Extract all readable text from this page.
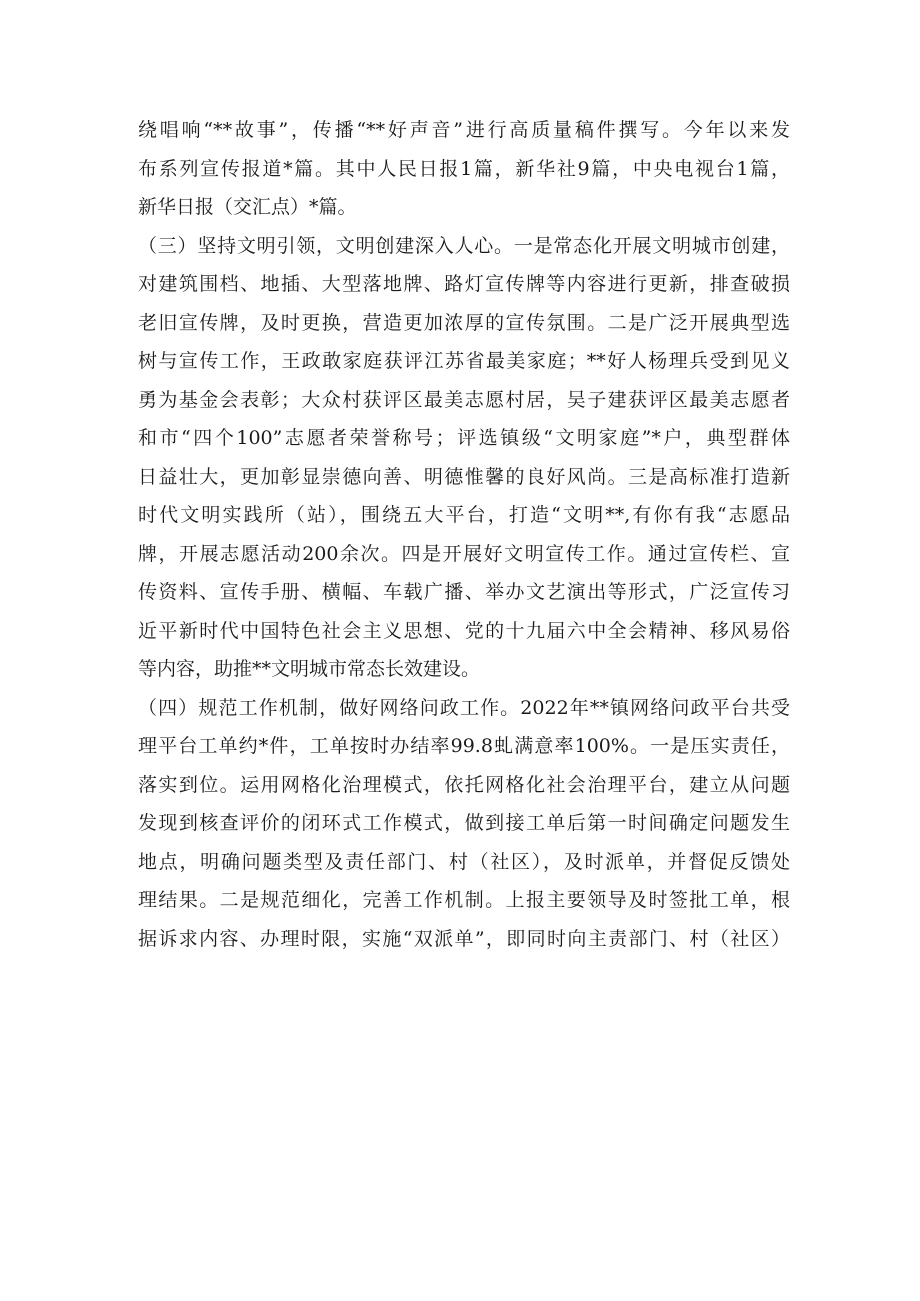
绕唱响“**故事”，传播“**好声音”进行高质量稿件撰写。今年以来发
布系列宣传报道*篇。其中人民日报1篇，新华社9篇，中央电视台1篇，
新华日报（交汇点）*篇。
（三）坚持文明引领，文明创建深入人心。一是常态化开展文明城市创建，
对建筑围档、地插、大型落地牌、路灯宣传牌等内容进行更新，排查破损
老旧宣传牌，及时更换，营造更加浓厚的宣传氛围。二是广泛开展典型选
树与宣传工作，王政敢家庭获评江苏省最美家庭；**好人杨理兵受到见义
勇为基金会表彰；大众村获评区最美志愿村居，吴子建获评区最美志愿者
和市“四个100”志愿者荣誉称号；评选镇级“文明家庭”*户，典型群体
日益壮大，更加彰显崇德向善、明德惟馨的良好风尚。三是高标准打造新
时代文明实践所（站），围绕五大平台，打造“文明**,有你有我“志愿品
牌，开展志愿活动200余次。四是开展好文明宣传工作。通过宣传栏、宣
传资料、宣传手册、横幅、车载广播、举办文艺演出等形式，广泛宣传习
近平新时代中国特色社会主义思想、党的十九届六中全会精神、移风易俗
等内容，助推**文明城市常态长效建设。
（四）规范工作机制，做好网络问政工作。2022年**镇网络问政平台共受
理平台工单约*件，工单按时办结率99.8虬满意率100%。一是压实责任，
落实到位。运用网格化治理模式，依托网格化社会治理平台，建立从问题
发现到核查评价的闭环式工作模式，做到接工单后第一时间确定问题发生
地点，明确问题类型及责任部门、村（社区），及时派单，并督促反馈处
理结果。二是规范细化，完善工作机制。上报主要领导及时签批工单，根
据诉求内容、办理时限，实施“双派单”，即同时向主责部门、村（社区）
